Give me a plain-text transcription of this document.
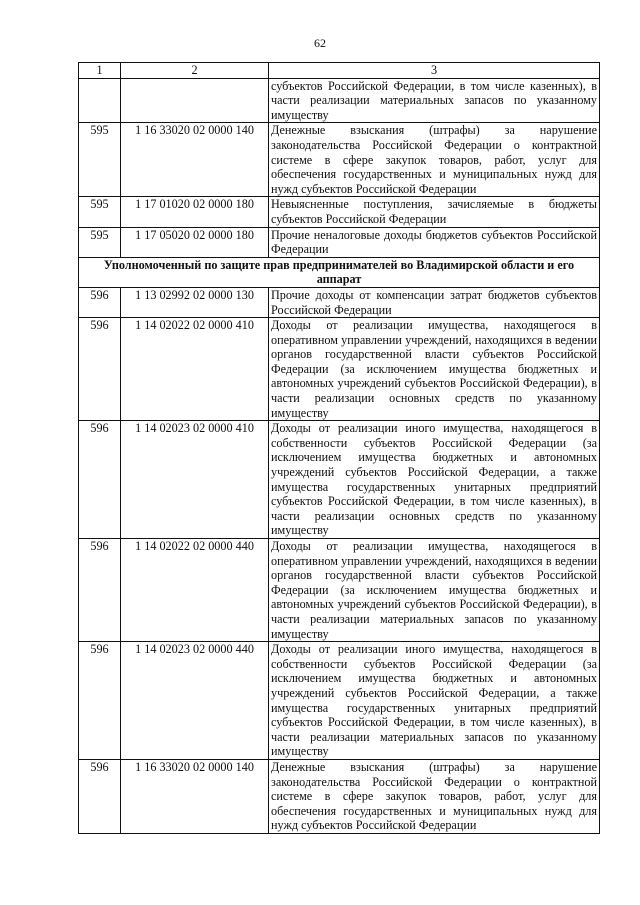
62
1	2	3
		субъектов Российской Федерации, в том числе казенных), в части реализации материальных запасов по указанному имуществу
595	1 16 33020 02 0000 140	Денежные взыскания (штрафы) за нарушение законодательства Российской Федерации о контрактной системе в сфере закупок товаров, работ, услуг для обеспечения государственных и муниципальных нужд для нужд субъектов Российской Федерации
595	1 17 01020 02 0000 180	Невыясненные поступления, зачисляемые в бюджеты субъектов Российской Федерации
595	1 17 05020 02 0000 180	Прочие неналоговые доходы бюджетов субъектов Российской Федерации
Уполномоченный по защите прав предпринимателей во Владимирской области и его аппарат		
596	1 13 02992 02 0000 130	Прочие доходы от компенсации затрат бюджетов субъектов Российской Федерации
596	1 14 02022 02 0000 410	Доходы от реализации имущества, находящегося в оперативном управлении учреждений, находящихся в ведении органов государственной власти субъектов Российской Федерации (за исключением имущества бюджетных и автономных учреждений субъектов Российской Федерации), в части реализации основных средств по указанному имуществу
596	1 14 02023 02 0000 410	Доходы от реализации иного имущества, находящегося в собственности субъектов Российской Федерации (за исключением имущества бюджетных и автономных учреждений субъектов Российской Федерации, а также имущества государственных унитарных предприятий субъектов Российской Федерации, в том числе казенных), в части реализации основных средств по указанному имуществу
596	1 14 02022 02 0000 440	Доходы от реализации имущества, находящегося в оперативном управлении учреждений, находящихся в ведении органов государственной власти субъектов Российской Федерации (за исключением имущества бюджетных и автономных учреждений субъектов Российской Федерации), в части реализации материальных запасов по указанному имуществу
596	1 14 02023 02 0000 440	Доходы от реализации иного имущества, находящегося в собственности субъектов Российской Федерации (за исключением имущества бюджетных и автономных учреждений субъектов Российской Федерации, а также имущества государственных унитарных предприятий субъектов Российской Федерации, в том числе казенных), в части реализации материальных запасов по указанному имуществу
596	1 16 33020 02 0000 140	Денежные взыскания (штрафы) за нарушение законодательства Российской Федерации о контрактной системе в сфере закупок товаров, работ, услуг для обеспечения государственных и муниципальных нужд для нужд субъектов Российской Федерации
